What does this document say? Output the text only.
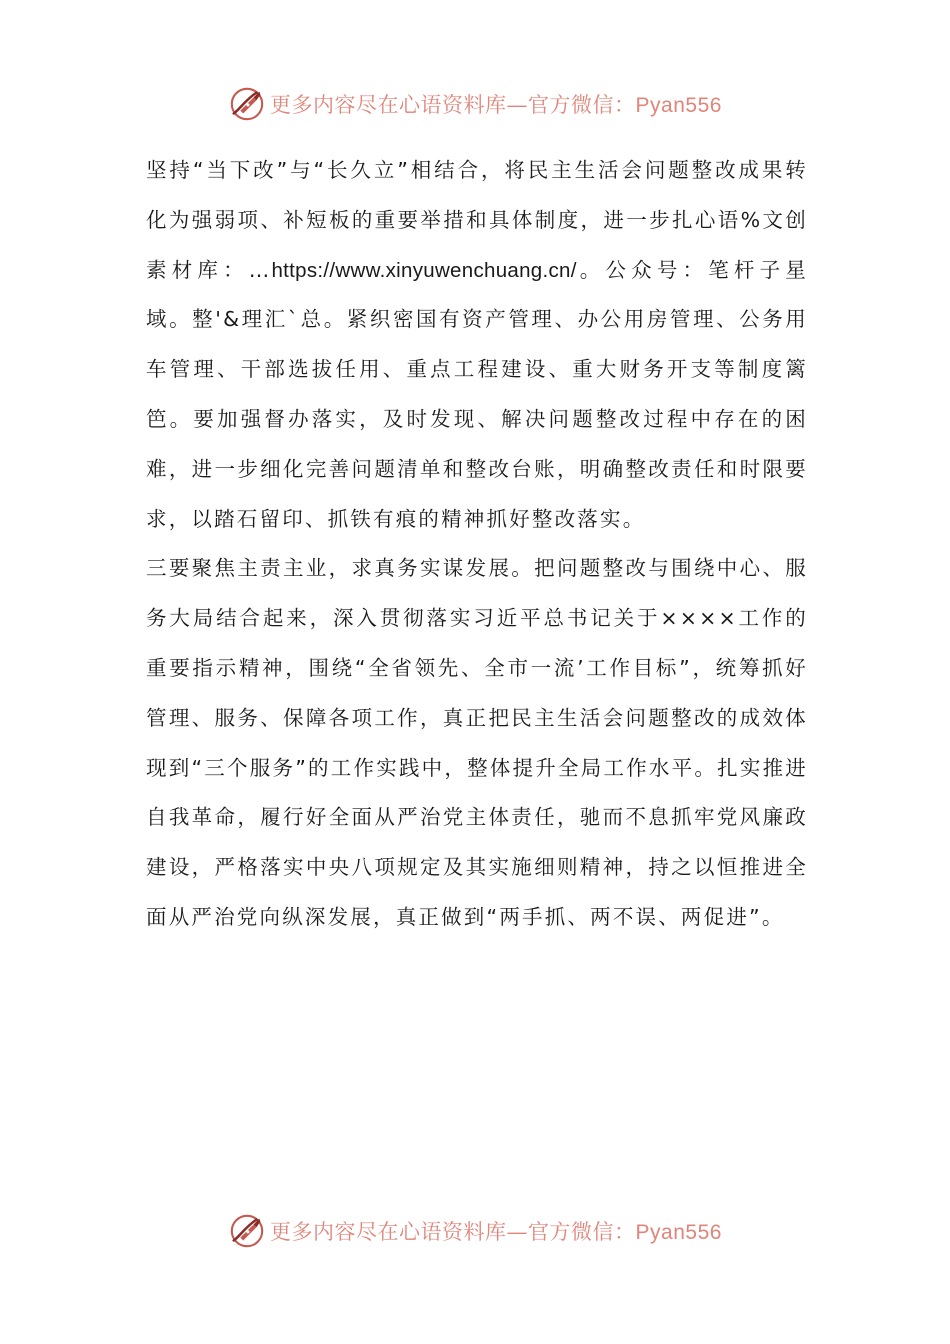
更多内容尽在心语资料库—官方微信：Pyan556

坚持“当下改”与“长久立”相结合，将民主生活会问题整改成果转化为强弱项、补短板的重要举措和具体制度，进一步扎心语%文创素材库：…https://www.xinyuwenchuang.cn/。公众号：笔杆子星域。整'&理汇`总。紧织密国有资产管理、办公用房管理、公务用车管理、干部选拔任用、重点工程建设、重大财务开支等制度篱笆。要加强督办落实，及时发现、解决问题整改过程中存在的困难，进一步细化完善问题清单和整改台账，明确整改责任和时限要求，以踏石留印、抓铁有痕的精神抓好整改落实。

三要聚焦主责主业，求真务实谋发展。把问题整改与围绕中心、服务大局结合起来，深入贯彻落实习近平总书记关于××××工作的重要指示精神，围绕“全省领先、全市一流’工作目标”，统筹抓好管理、服务、保障各项工作，真正把民主生活会问题整改的成效体现到“三个服务”的工作实践中，整体提升全局工作水平。扎实推进自我革命，履行好全面从严治党主体责任，驰而不息抓牢党风廉政建设，严格落实中央八项规定及其实施细则精神，持之以恒推进全面从严治党向纵深发展，真正做到“两手抓、两不误、两促进”。

更多内容尽在心语资料库—官方微信：Pyan556
